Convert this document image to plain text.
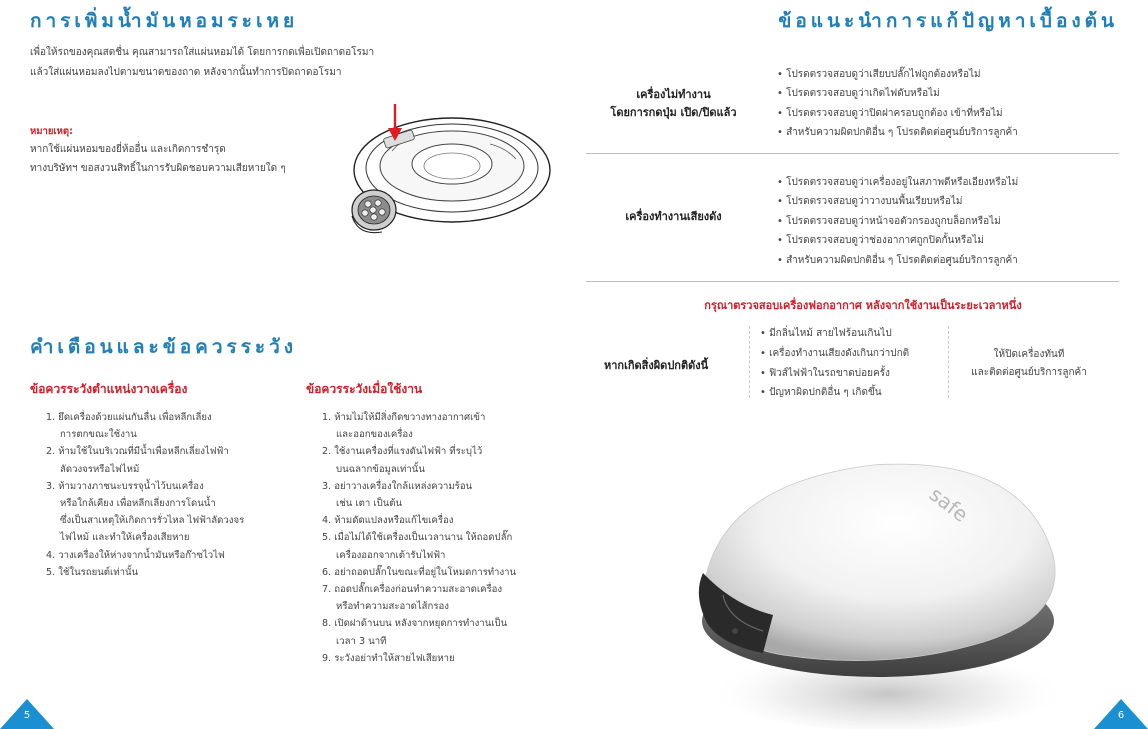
การเพิ่มน้ำมันหอมระเหย
เพื่อให้รถของคุณสดชื่น คุณสามารถใส่แผ่นหอมได้ โดยการกดเพื่อเปิดถาดอโรมา
แล้วใส่แผ่นหอมลงไปตามขนาดของถาด หลังจากนั้นทำการปิดถาดอโรมา
หมายเหตุ:
หากใช้แผ่นหอมของยี่ห้ออื่น และเกิดการชำรุด
ทางบริษัทฯ ขอสงวนสิทธิ์ในการรับผิดชอบความเสียหายใด ๆ
คำเตือนและข้อควรระวัง
ข้อควรระวังตำแหน่งวางเครื่อง
1. ยึดเครื่องด้วยแผ่นกันลื่น เพื่อหลีกเลี่ยง
การตกขณะใช้งาน
2. ห้ามใช้ในบริเวณที่มีน้ำเพื่อหลีกเลี่ยงไฟฟ้า
ลัดวงจรหรือไฟไหม้
3. ห้ามวางภาชนะบรรจุน้ำไว้บนเครื่อง
หรือใกล้เคียง เพื่อหลีกเลี่ยงการโดนน้ำ
ซึ่งเป็นสาเหตุให้เกิดการรั่วไหล ไฟฟ้าลัดวงจร
ไฟไหม้ และทำให้เครื่องเสียหาย
4. วางเครื่องให้ห่างจากน้ำมันหรือก๊าซไวไฟ
5. ใช้ในรถยนต์เท่านั้น
ข้อควรระวังเมื่อใช้งาน
1. ห้ามไม่ให้มีสิ่งกีดขวางทางอากาศเข้า
และออกของเครื่อง
2. ใช้งานเครื่องที่แรงดันไฟฟ้า ที่ระบุไว้
บนฉลากข้อมูลเท่านั้น
3. อย่าวางเครื่องใกล้แหล่งความร้อน
เช่น เตา เป็นต้น
4. ห้ามดัดแปลงหรือแก้ไขเครื่อง
5. เมื่อไม่ได้ใช้เครื่องเป็นเวลานาน ให้ถอดปลั๊ก
เครื่องออกจากเต้ารับไฟฟ้า
6. อย่าถอดปลั๊กในขณะที่อยู่ในโหมดการทำงาน
7. ถอดปลั๊กเครื่องก่อนทำความสะอาดเครื่อง
หรือทำความสะอาดไส้กรอง
8. เปิดฝาด้านบน หลังจากหยุดการทำงานเป็น
เวลา 3 นาที
9. ระวังอย่าทำให้สายไฟเสียหาย
5
ข้อแนะนำการแก้ปัญหาเบื้องต้น
เครื่องไม่ทำงาน
โดยการกดปุ่ม เปิด/ปิดแล้ว
• โปรดตรวจสอบดูว่าเสียบปลั๊กไฟถูกต้องหรือไม่
• โปรดตรวจสอบดูว่าเกิดไฟดับหรือไม่
• โปรดตรวจสอบดูว่าปิดฝาครอบถูกต้อง เข้าที่หรือไม่
• สำหรับความผิดปกติอื่น ๆ โปรดติดต่อศูนย์บริการลูกค้า
เครื่องทำงานเสียงดัง
• โปรดตรวจสอบดูว่าเครื่องอยู่ในสภาพดีหรือเอียงหรือไม่
• โปรดตรวจสอบดูว่าวางบนพื้นเรียบหรือไม่
• โปรดตรวจสอบดูว่าหน้าจอตัวกรองถูกบล็อกหรือไม่
• โปรดตรวจสอบดูว่าช่องอากาศถูกปิดกั้นหรือไม่
• สำหรับความผิดปกติอื่น ๆ โปรดติดต่อศูนย์บริการลูกค้า
กรุณาตรวจสอบเครื่องฟอกอากาศ หลังจากใช้งานเป็นระยะเวลาหนึ่ง
หากเกิดสิ่งผิดปกติดังนี้
• มีกลิ่นไหม้ สายไฟร้อนเกินไป
• เครื่องทำงานเสียงดังเกินกว่าปกติ
• ฟิวส์ไฟฟ้าในรถขาดบ่อยครั้ง
• ปัญหาผิดปกติอื่น ๆ เกิดขึ้น
ให้ปิดเครื่องทันที
และติดต่อศูนย์บริการลูกค้า
safe
6
